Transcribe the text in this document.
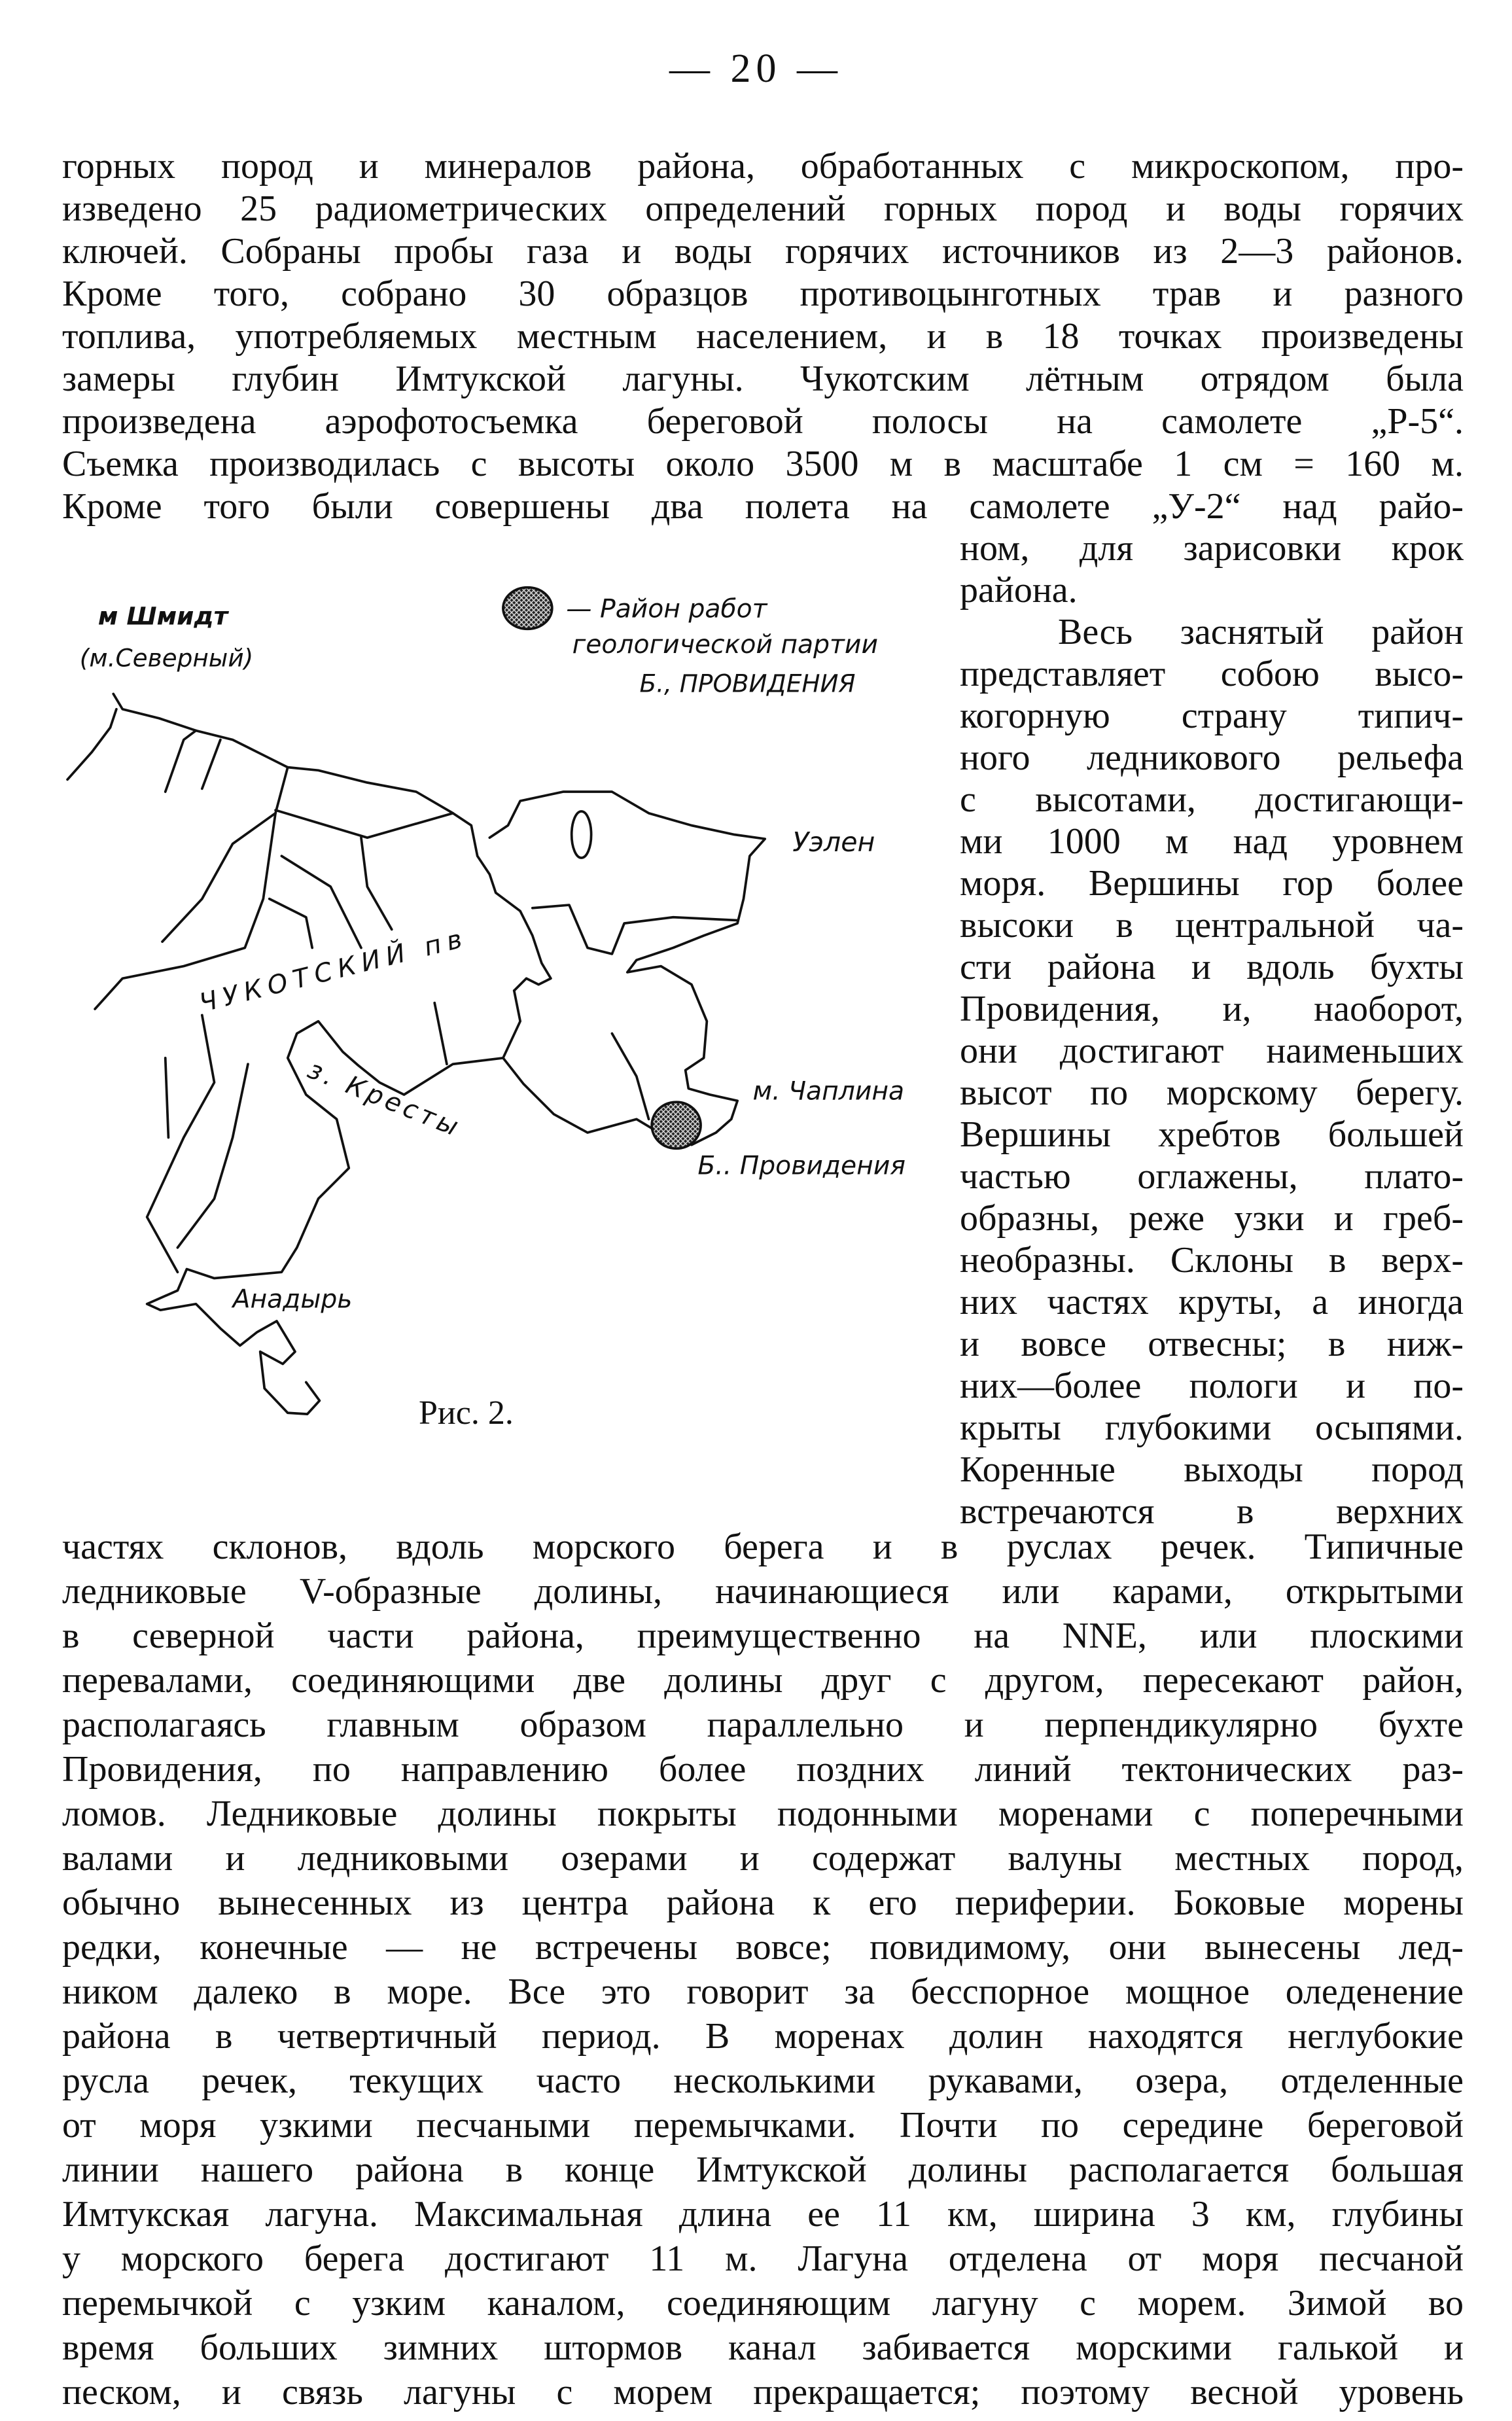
— 20 —
горных пород и минералов района, обработанных с микроскопом, про-
изведено 25 радиометрических определений горных пород и воды горячих
ключей. Собраны пробы газа и воды горячих источников из 2—3 районов.
Кроме того, собрано 30 образцов противоцынготных трав и разного
топлива, употребляемых местным населением, и в 18 точках произведены
замеры глубин Имтукской лагуны. Чукотским лётным отрядом была
произведена аэрофотосъемка береговой полосы на самолете „Р-5“.
Съемка производилась с высоты около 3500 м в масштабе 1 см = 160 м.
Кроме того были совершены два полета на самолете „У-2“ над райо-
ном, для зарисовки крок
района.
Весь заснятый район
представляет собою высо-
когорную страну типич-
ного ледникового рельефа
с высотами, достигающи-
ми 1000 м над уровнем
моря. Вершины гор более
высоки в центральной ча-
сти района и вдоль бухты
Провидения, и, наоборот,
они достигают наименьших
высот по морскому берегу.
Вершины хребтов большей
частью оглажены, плато-
образны, реже узки и греб-
необразны. Склоны в верх-
них частях круты, а иногда
и вовсе отвесны; в ниж-
них—более пологи и по-
крыты глубокими осыпями.
Коренные выходы пород
встречаются в верхних
частях склонов, вдоль морского берега и в руслах речек. Типичные
ледниковые V-образные долины, начинающиеся или карами, открытыми
в северной части района, преимущественно на NNE, или плоскими
перевалами, соединяющими две долины друг с другом, пересекают район,
располагаясь главным образом параллельно и перпендикулярно бухте
Провидения, по направлению более поздних линий тектонических раз-
ломов. Ледниковые долины покрыты подонными моренами с поперечными
валами и ледниковыми озерами и содержат валуны местных пород,
обычно вынесенных из центра района к его периферии. Боковые морены
редки, конечные — не встречены вовсе; повидимому, они вынесены лед-
ником далеко в море. Все это говорит за бесспорное мощное оледенение
района в четвертичный период. В моренах долин находятся неглубокие
русла речек, текущих часто несколькими рукавами, озера, отделенные
от моря узкими песчаными перемычками. Почти по середине береговой
линии нашего района в конце Имтукской долины располагается большая
Имтукская лагуна. Максимальная длина ее 11 км, ширина 3 км, глубины
у морского берега достигают 11 м. Лагуна отделена от моря песчаной
перемычкой с узким каналом, соединяющим лагуну с морем. Зимой во
время больших зимних штормов канал забивается морскими галькой и
песком, и связь лагуны с морем прекращается; поэтому весной уровень
м Шмидт
(м.Северный)
— Район работ
геологической партии
Б., ПРОВИДЕНИЯ
Уэлен
ЧУКОТСКИЙ пв
з. Кресты	м. Чаплина
Б.. Провидения
Анадырь
Рис. 2.
